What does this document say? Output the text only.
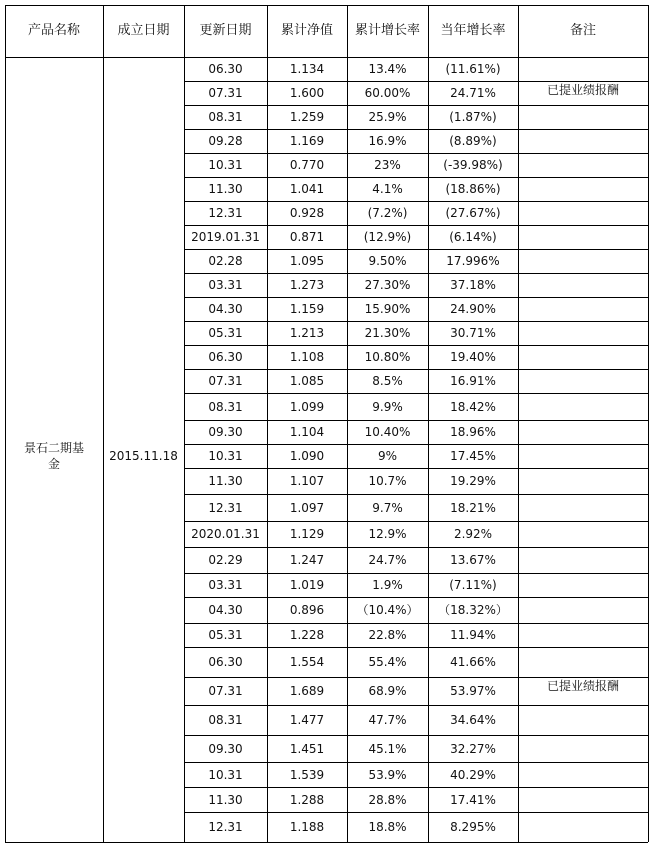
产品名称	成立日期	更新日期	累计净值	累计增长率	当年增长率	备注
景石二期基金
2015.11.18
06.30	1.134	13.4%	(11.61%)
07.31	1.600	60.00%	24.71%	已提业绩报酬
08.31	1.259	25.9%	(1.87%)
09.28	1.169	16.9%	(8.89%)
10.31	0.770	23%	(-39.98%)
11.30	1.041	4.1%	(18.86%)
12.31	0.928	(7.2%)	(27.67%)
2019.01.31	0.871	(12.9%)	(6.14%)
02.28	1.095	9.50%	17.996%
03.31	1.273	27.30%	37.18%
04.30	1.159	15.90%	24.90%
05.31	1.213	21.30%	30.71%
06.30	1.108	10.80%	19.40%
07.31	1.085	8.5%	16.91%
08.31	1.099	9.9%	18.42%
09.30	1.104	10.40%	18.96%
10.31	1.090	9%	17.45%
11.30	1.107	10.7%	19.29%
12.31	1.097	9.7%	18.21%
2020.01.31	1.129	12.9%	2.92%
02.29	1.247	24.7%	13.67%
03.31	1.019	1.9%	(7.11%)
04.30	0.896	（10.4%）	（18.32%）
05.31	1.228	22.8%	11.94%
06.30	1.554	55.4%	41.66%
07.31	1.689	68.9%	53.97%	已提业绩报酬
08.31	1.477	47.7%	34.64%
09.30	1.451	45.1%	32.27%
10.31	1.539	53.9%	40.29%
11.30	1.288	28.8%	17.41%
12.31	1.188	18.8%	8.295%
